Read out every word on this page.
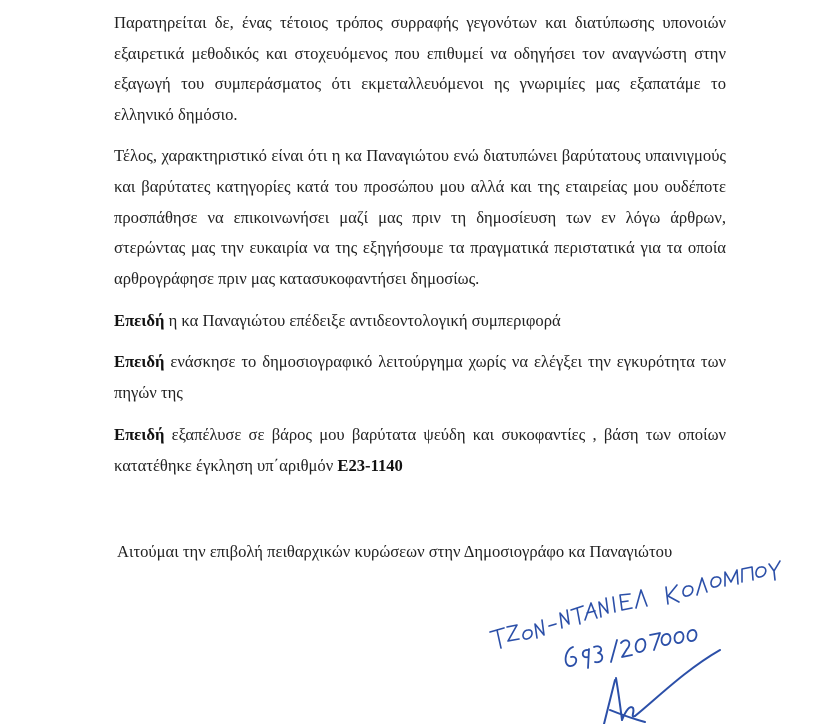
Παρατηρείται δε, ένας τέτοιος τρόπος συρραφής γεγονότων και διατύπωσης υπονοιών εξαιρετικά μεθοδικός και στοχευόμενος που επιθυμεί να οδηγήσει τον αναγνώστη στην εξαγωγή του συμπεράσματος ότι εκμεταλλευόμενοι ης γνωριμίες μας εξαπατάμε το ελληνικό δημόσιο.

Τέλος, χαρακτηριστικό είναι ότι η κα Παναγιώτου ενώ διατυπώνει βαρύτατους υπαινιγμούς και βαρύτατες κατηγορίες κατά του προσώπου μου αλλά και της εταιρείας μου ουδέποτε προσπάθησε να επικοινωνήσει μαζί μας πριν τη δημοσίευση των εν λόγω άρθρων, στερώντας μας την ευκαιρία να της εξηγήσουμε τα πραγματικά περιστατικά για τα οποία αρθρογράφησε πριν μας κατασυκοφαντήσει δημοσίως.

Επειδή η κα Παναγιώτου επέδειξε αντιδεοντολογική συμπεριφορά

Επειδή ενάσκησε το δημοσιογραφικό λειτούργημα χωρίς να ελέγξει την εγκυρότητα των πηγών της

Επειδή εξαπέλυσε σε βάρος μου βαρύτατα ψεύδη και συκοφαντίες , βάση των οποίων κατατέθηκε έγκληση υπ΄αριθμόν Ε23-1140

Αιτούμαι την επιβολή πειθαρχικών κυρώσεων στην Δημοσιογράφο κα Παναγιώτου
